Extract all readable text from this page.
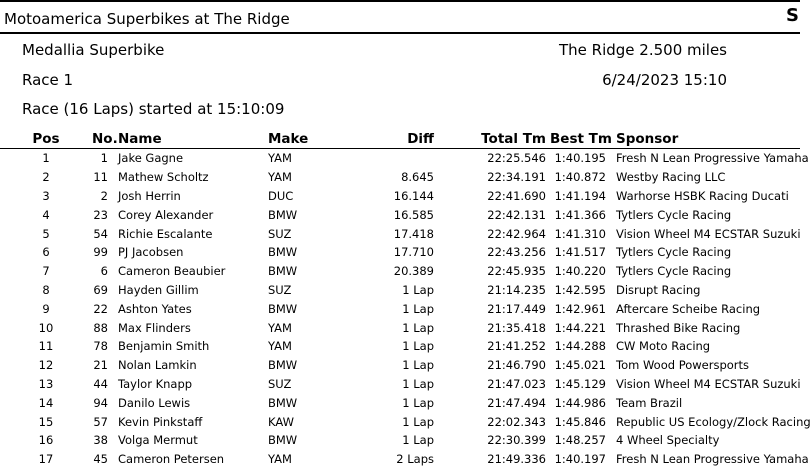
Motoamerica Superbikes at The Ridge	S
Medallia Superbike	The Ridge 2.500 miles
Race 1	6/24/2023 15:10
Race (16 Laps) started at 15:10:09
Pos	No.	Name	Make	Diff	Total Tm	Best Tm	Sponsor
1	1	Jake Gagne	YAM		22:25.546	1:40.195	Fresh N Lean Progressive Yamaha
2	11	Mathew Scholtz	YAM	8.645	22:34.191	1:40.872	Westby Racing LLC
3	2	Josh Herrin	DUC	16.144	22:41.690	1:41.194	Warhorse HSBK Racing Ducati
4	23	Corey Alexander	BMW	16.585	22:42.131	1:41.366	Tytlers Cycle Racing
5	54	Richie Escalante	SUZ	17.418	22:42.964	1:41.310	Vision Wheel M4 ECSTAR Suzuki
6	99	PJ Jacobsen	BMW	17.710	22:43.256	1:41.517	Tytlers Cycle Racing
7	6	Cameron Beaubier	BMW	20.389	22:45.935	1:40.220	Tytlers Cycle Racing
8	69	Hayden Gillim	SUZ	1 Lap	21:14.235	1:42.595	Disrupt Racing
9	22	Ashton Yates	BMW	1 Lap	21:17.449	1:42.961	Aftercare Scheibe Racing
10	88	Max Flinders	YAM	1 Lap	21:35.418	1:44.221	Thrashed Bike Racing
11	78	Benjamin Smith	YAM	1 Lap	21:41.252	1:44.288	CW Moto Racing
12	21	Nolan Lamkin	BMW	1 Lap	21:46.790	1:45.021	Tom Wood Powersports
13	44	Taylor Knapp	SUZ	1 Lap	21:47.023	1:45.129	Vision Wheel M4 ECSTAR Suzuki
14	94	Danilo Lewis	BMW	1 Lap	21:47.494	1:44.986	Team Brazil
15	57	Kevin Pinkstaff	KAW	1 Lap	22:02.343	1:45.846	Republic US Ecology/Zlock Racing
16	38	Volga Mermut	BMW	1 Lap	22:30.399	1:48.257	4 Wheel Specialty
17	45	Cameron Petersen	YAM	2 Laps	21:49.336	1:40.197	Fresh N Lean Progressive Yamaha
